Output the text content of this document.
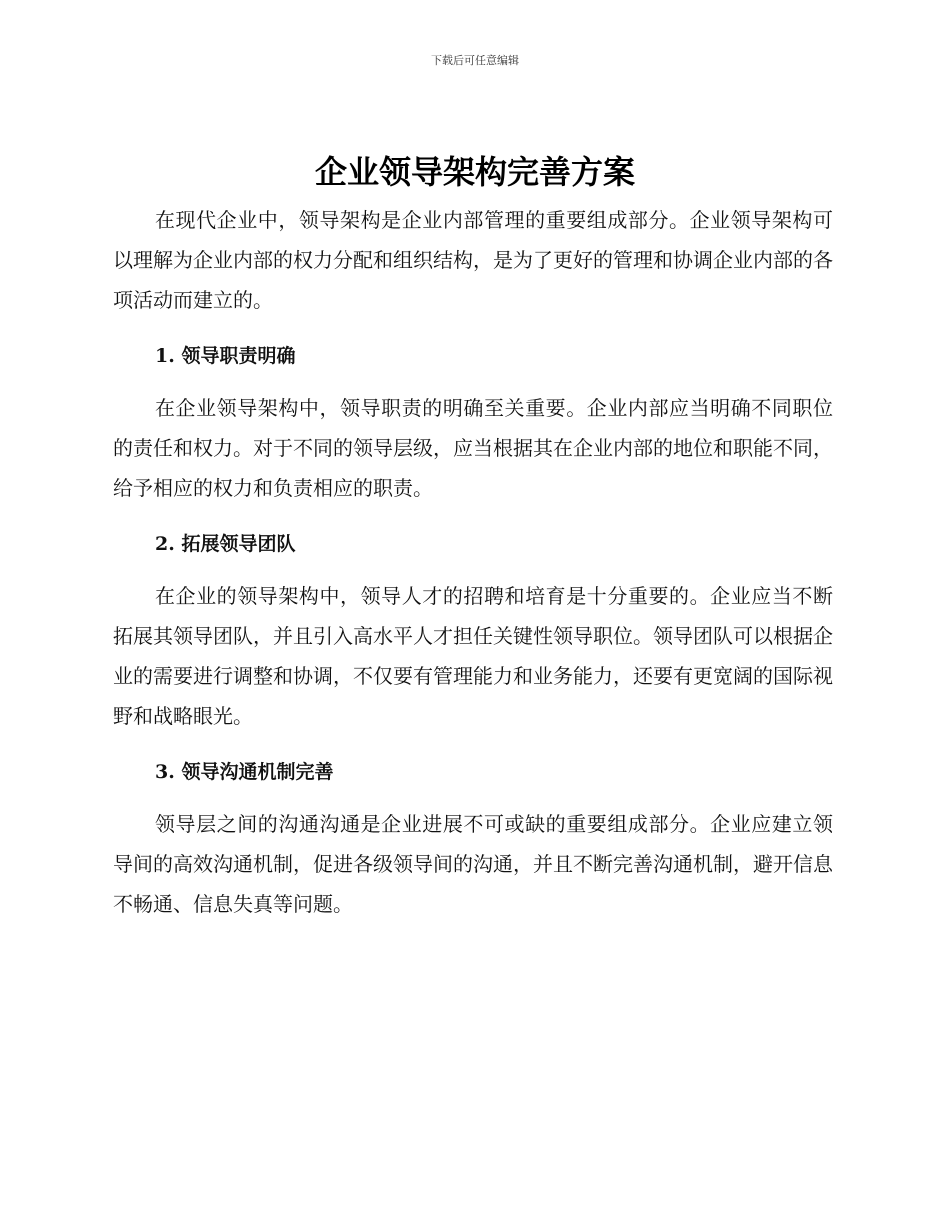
下载后可任意编辑
企业领导架构完善方案

在现代企业中，领导架构是企业内部管理的重要组成部分。企业领导架构可以理解为企业内部的权力分配和组织结构，是为了更好的管理和协调企业内部的各项活动而建立的。

1. 领导职责明确

在企业领导架构中，领导职责的明确至关重要。企业内部应当明确不同职位的责任和权力。对于不同的领导层级，应当根据其在企业内部的地位和职能不同，给予相应的权力和负责相应的职责。

2. 拓展领导团队

在企业的领导架构中，领导人才的招聘和培育是十分重要的。企业应当不断拓展其领导团队，并且引入高水平人才担任关键性领导职位。领导团队可以根据企业的需要进行调整和协调，不仅要有管理能力和业务能力，还要有更宽阔的国际视野和战略眼光。

3. 领导沟通机制完善

领导层之间的沟通沟通是企业进展不可或缺的重要组成部分。企业应建立领导间的高效沟通机制，促进各级领导间的沟通，并且不断完善沟通机制，避开信息不畅通、信息失真等问题。
